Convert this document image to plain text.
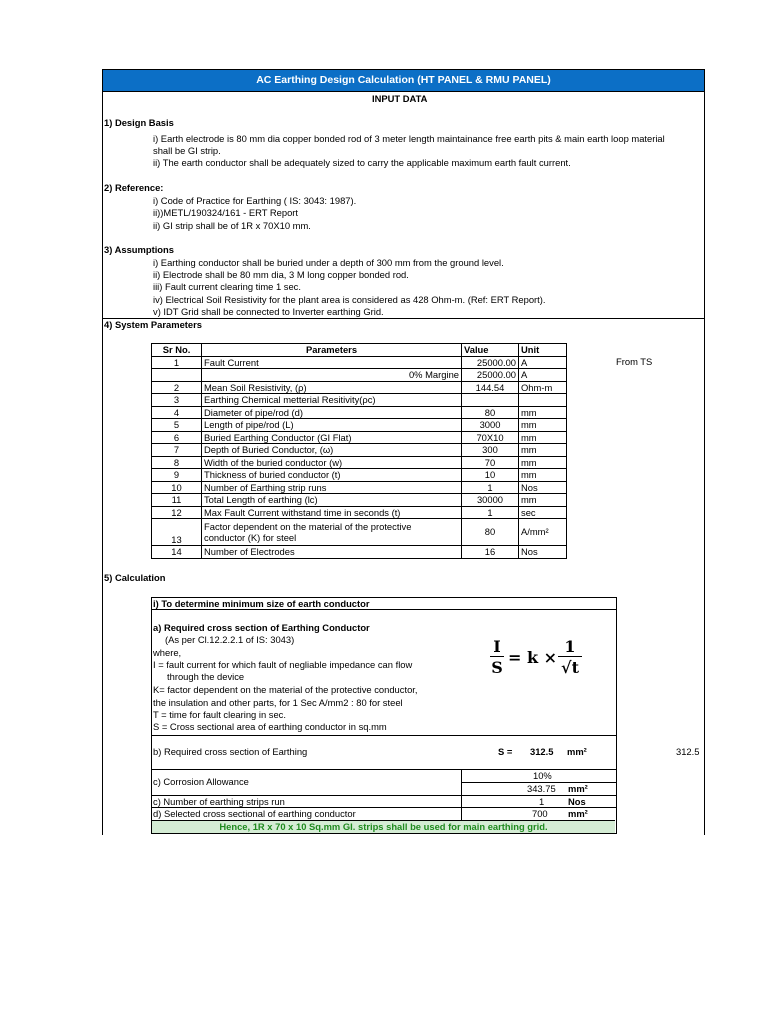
AC Earthing Design Calculation (HT PANEL & RMU PANEL)
INPUT DATA
1) Design Basis
i) Earth electrode is 80 mm dia copper bonded rod of 3 meter length maintainance free earth pits & main earth loop material
shall be GI strip.
ii) The earth conductor shall be adequately sized to carry the applicable maximum earth fault current.
2) Reference:
i) Code of Practice for Earthing ( IS: 3043: 1987).
ii))METL/190324/161 - ERT Report
ii) GI strip shall be of 1R x 70X10 mm.
3) Assumptions
i) Earthing conductor shall be buried under a depth of 300 mm from the ground level.
ii) Electrode shall be 80 mm dia, 3 M long copper bonded rod.
iii) Fault current clearing time 1 sec.
iv) Electrical Soil Resistivity for the plant area is considered as 428 Ohm-m. (Ref: ERT Report).
v) IDT Grid shall be connected to Inverter earthing Grid.
4) System Parameters
Sr No.	Parameters	Value	Unit
1	Fault Current	25000.00	A
	0% Margine	25000.00	A
2	Mean Soil Resistivity, (ρ)	144.54	Ohm-m
3	Earthing Chemical metterial Resitivity(ρc)		
4	Diameter of pipe/rod (d)	80	mm
5	Length of pipe/rod (L)	3000	mm
6	Buried Earthing Conductor (GI Flat)	70X10	mm
7	Depth of Buried Conductor, (ω)	300	mm
8	Width of the buried conductor (w)	70	mm
9	Thickness of buried conductor (t)	10	mm
10	Number of Earthing strip runs	1	Nos
11	Total Length of earthing (lc)	30000	mm
12	Max Fault Current withstand time in seconds (t)	1	sec
13	Factor dependent on the material of the protective
conductor (K) for steel	80	A/mm²
14	Number of Electrodes	16	Nos
From TS
5) Calculation
i) To determine minimum size of earth conductor
a) Required cross section of Earthing Conductor
(As per Cl.12.2.2.1 of IS: 3043)
where,
I = fault current for which fault of negliable impedance can flow
through the device
K= factor dependent on the material of the protective conductor,
the insulation and other parts, for 1 Sec A/mm2 : 80 for steel
T = time for fault clearing in sec.
S = Cross sectional area of earthing conductor in sq.mm
I
S
= k ×
1
√t
b) Required cross section of Earthing	S = 312.5 mm²	312.5
c) Corrosion Allowance
10%
343.75 mm²
c) Number of earthing strips run	1	Nos
d) Selected cross sectional of earthing conductor	700 mm²
Hence, 1R x 70 x 10 Sq.mm GI. strips shall be used for main earthing grid.
